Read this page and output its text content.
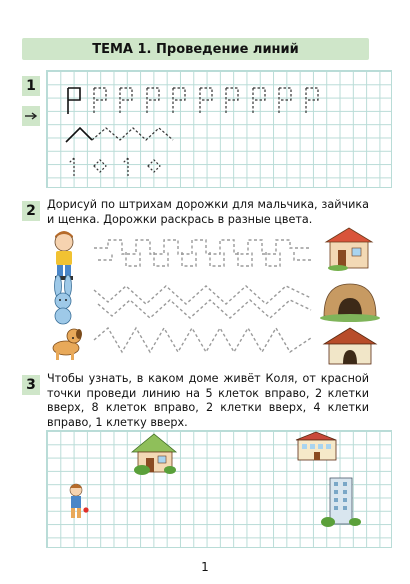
ТЕМА 1. Проведение линий
1
2 Дорисуй по штрихам дорожки для мальчика, зайчика и щенка. Дорожки раскрась в разные цвета.
3 Чтобы узнать, в каком доме живёт Коля, от красной точки проведи линию на 5 клеток вправо, 2 клетки вверх, 8 клеток вправо, 2 клетки вверх, 4 клетки вправо, 1 клетку вверх.
1
